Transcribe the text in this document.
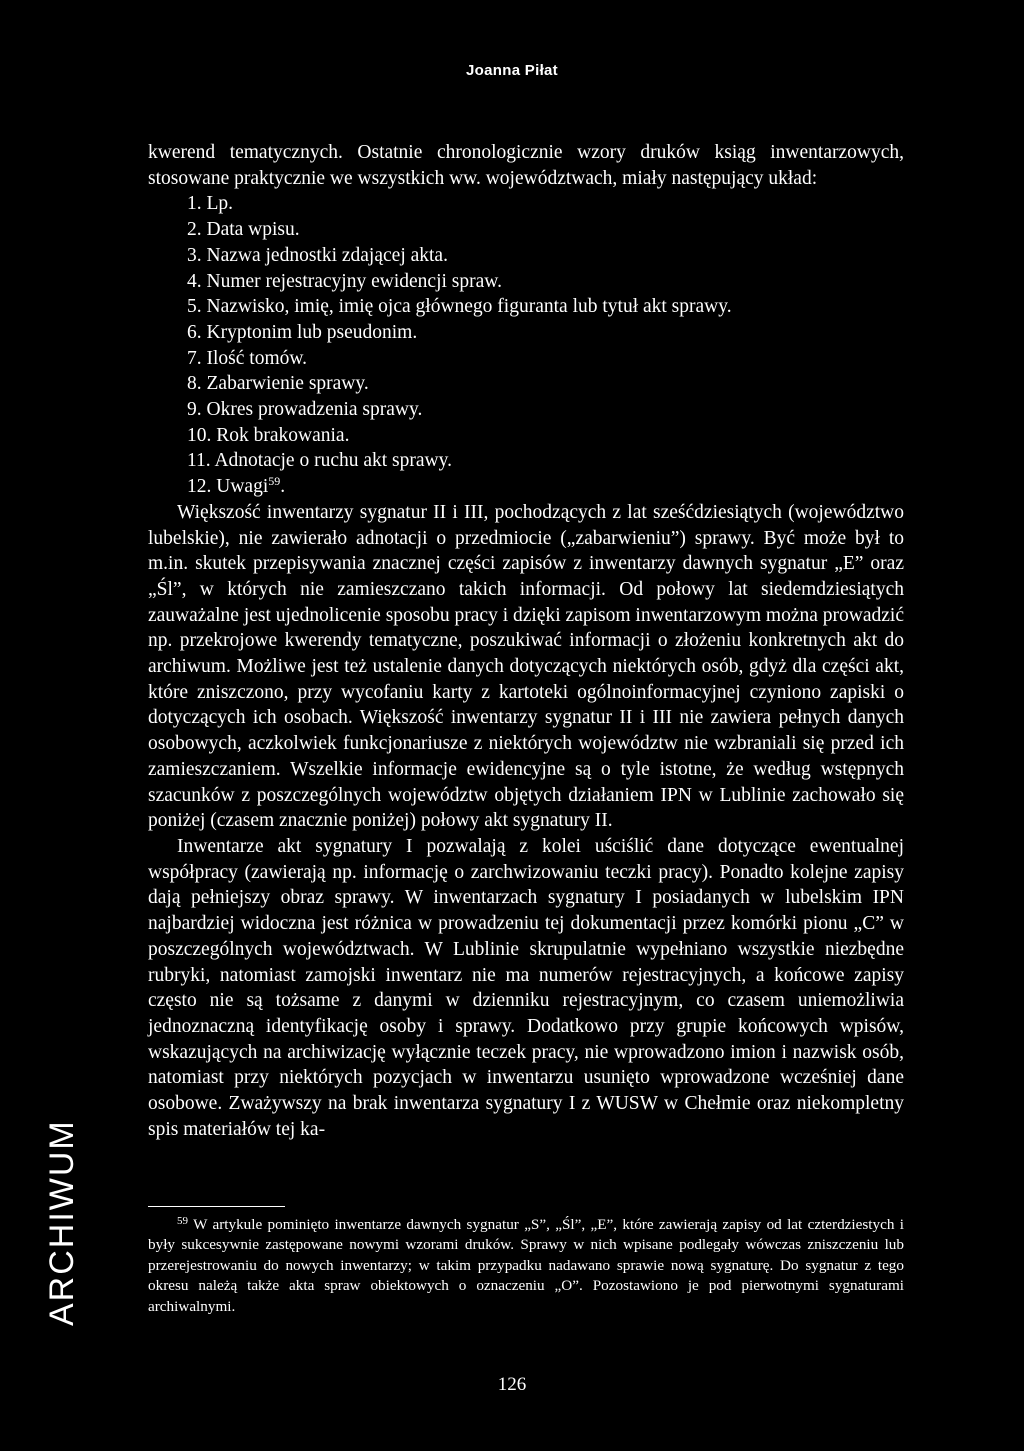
Joanna Piłat

kwerend tematycznych. Ostatnie chronologicznie wzory druków ksiąg inwentarzowych, stosowane praktycznie we wszystkich ww. województwach, miały następujący układ:

1. Lp.
2. Data wpisu.
3. Nazwa jednostki zdającej akta.
4. Numer rejestracyjny ewidencji spraw.
5. Nazwisko, imię, imię ojca głównego figuranta lub tytuł akt sprawy.
6. Kryptonim lub pseudonim.
7. Ilość tomów.
8. Zabarwienie sprawy.
9. Okres prowadzenia sprawy.
10. Rok brakowania.
11. Adnotacje o ruchu akt sprawy.
12. Uwagi$^{59}$.

Większość inwentarzy sygnatur II i III, pochodzących z lat sześćdziesiątych (województwo lubelskie), nie zawierało adnotacji o przedmiocie („zabarwieniu”) sprawy. Być może był to m.in. skutek przepisywania znacznej części zapisów z inwentarzy dawnych sygnatur „E” oraz „Śl”, w których nie zamieszczano takich informacji. Od połowy lat siedemdziesiątych zauważalne jest ujednolicenie sposobu pracy i dzięki zapisom inwentarzowym można prowadzić np. przekrojowe kwerendy tematyczne, poszukiwać informacji o złożeniu konkretnych akt do archiwum. Możliwe jest też ustalenie danych dotyczących niektórych osób, gdyż dla części akt, które zniszczono, przy wycofaniu karty z kartoteki ogólnoinformacyjnej czyniono zapiski o dotyczących ich osobach. Większość inwentarzy sygnatur II i III nie zawiera pełnych danych osobowych, aczkolwiek funkcjonariusze z niektórych województw nie wzbraniali się przed ich zamieszczaniem. Wszelkie informacje ewidencyjne są o tyle istotne, że według wstępnych szacunków z poszczególnych województw objętych działaniem IPN w Lublinie zachowało się poniżej (czasem znacznie poniżej) połowy akt sygnatury II.

Inwentarze akt sygnatury I pozwalają z kolei uściślić dane dotyczące ewentualnej współpracy (zawierają np. informację o zarchwizowaniu teczki pracy). Ponadto kolejne zapisy dają pełniejszy obraz sprawy. W inwentarzach sygnatury I posiadanych w lubelskim IPN najbardziej widoczna jest różnica w prowadzeniu tej dokumentacji przez komórki pionu „C” w poszczególnych województwach. W Lublinie skrupulatnie wypełniano wszystkie niezbędne rubryki, natomiast zamojski inwentarz nie ma numerów rejestracyjnych, a końcowe zapisy często nie są tożsame z danymi w dzienniku rejestracyjnym, co czasem uniemożliwia jednoznaczną identyfikację osoby i sprawy. Dodatkowo przy grupie końcowych wpisów, wskazujących na archiwizację wyłącznie teczek pracy, nie wprowadzono imion i nazwisk osób, natomiast przy niektórych pozycjach w inwentarzu usunięto wprowadzone wcześniej dane osobowe. Zważywszy na brak inwentarza sygnatury I z WUSW w Chełmie oraz niekompletny spis materiałów tej ka-

$^{59}$ W artykule pominięto inwentarze dawnych sygnatur „S”, „Śl”, „E”, które zawierają zapisy od lat czterdziestych i były sukcesywnie zastępowane nowymi wzorami druków. Sprawy w nich wpisane podlegały wówczas zniszczeniu lub przerejestrowaniu do nowych inwentarzy; w takim przypadku nadawano sprawie nową sygnaturę. Do sygnatur z tego okresu należą także akta spraw obiektowych o oznaczeniu „O”. Pozostawiono je pod pierwotnymi sygnaturami archiwalnymi.
ARCHIWUM
126
